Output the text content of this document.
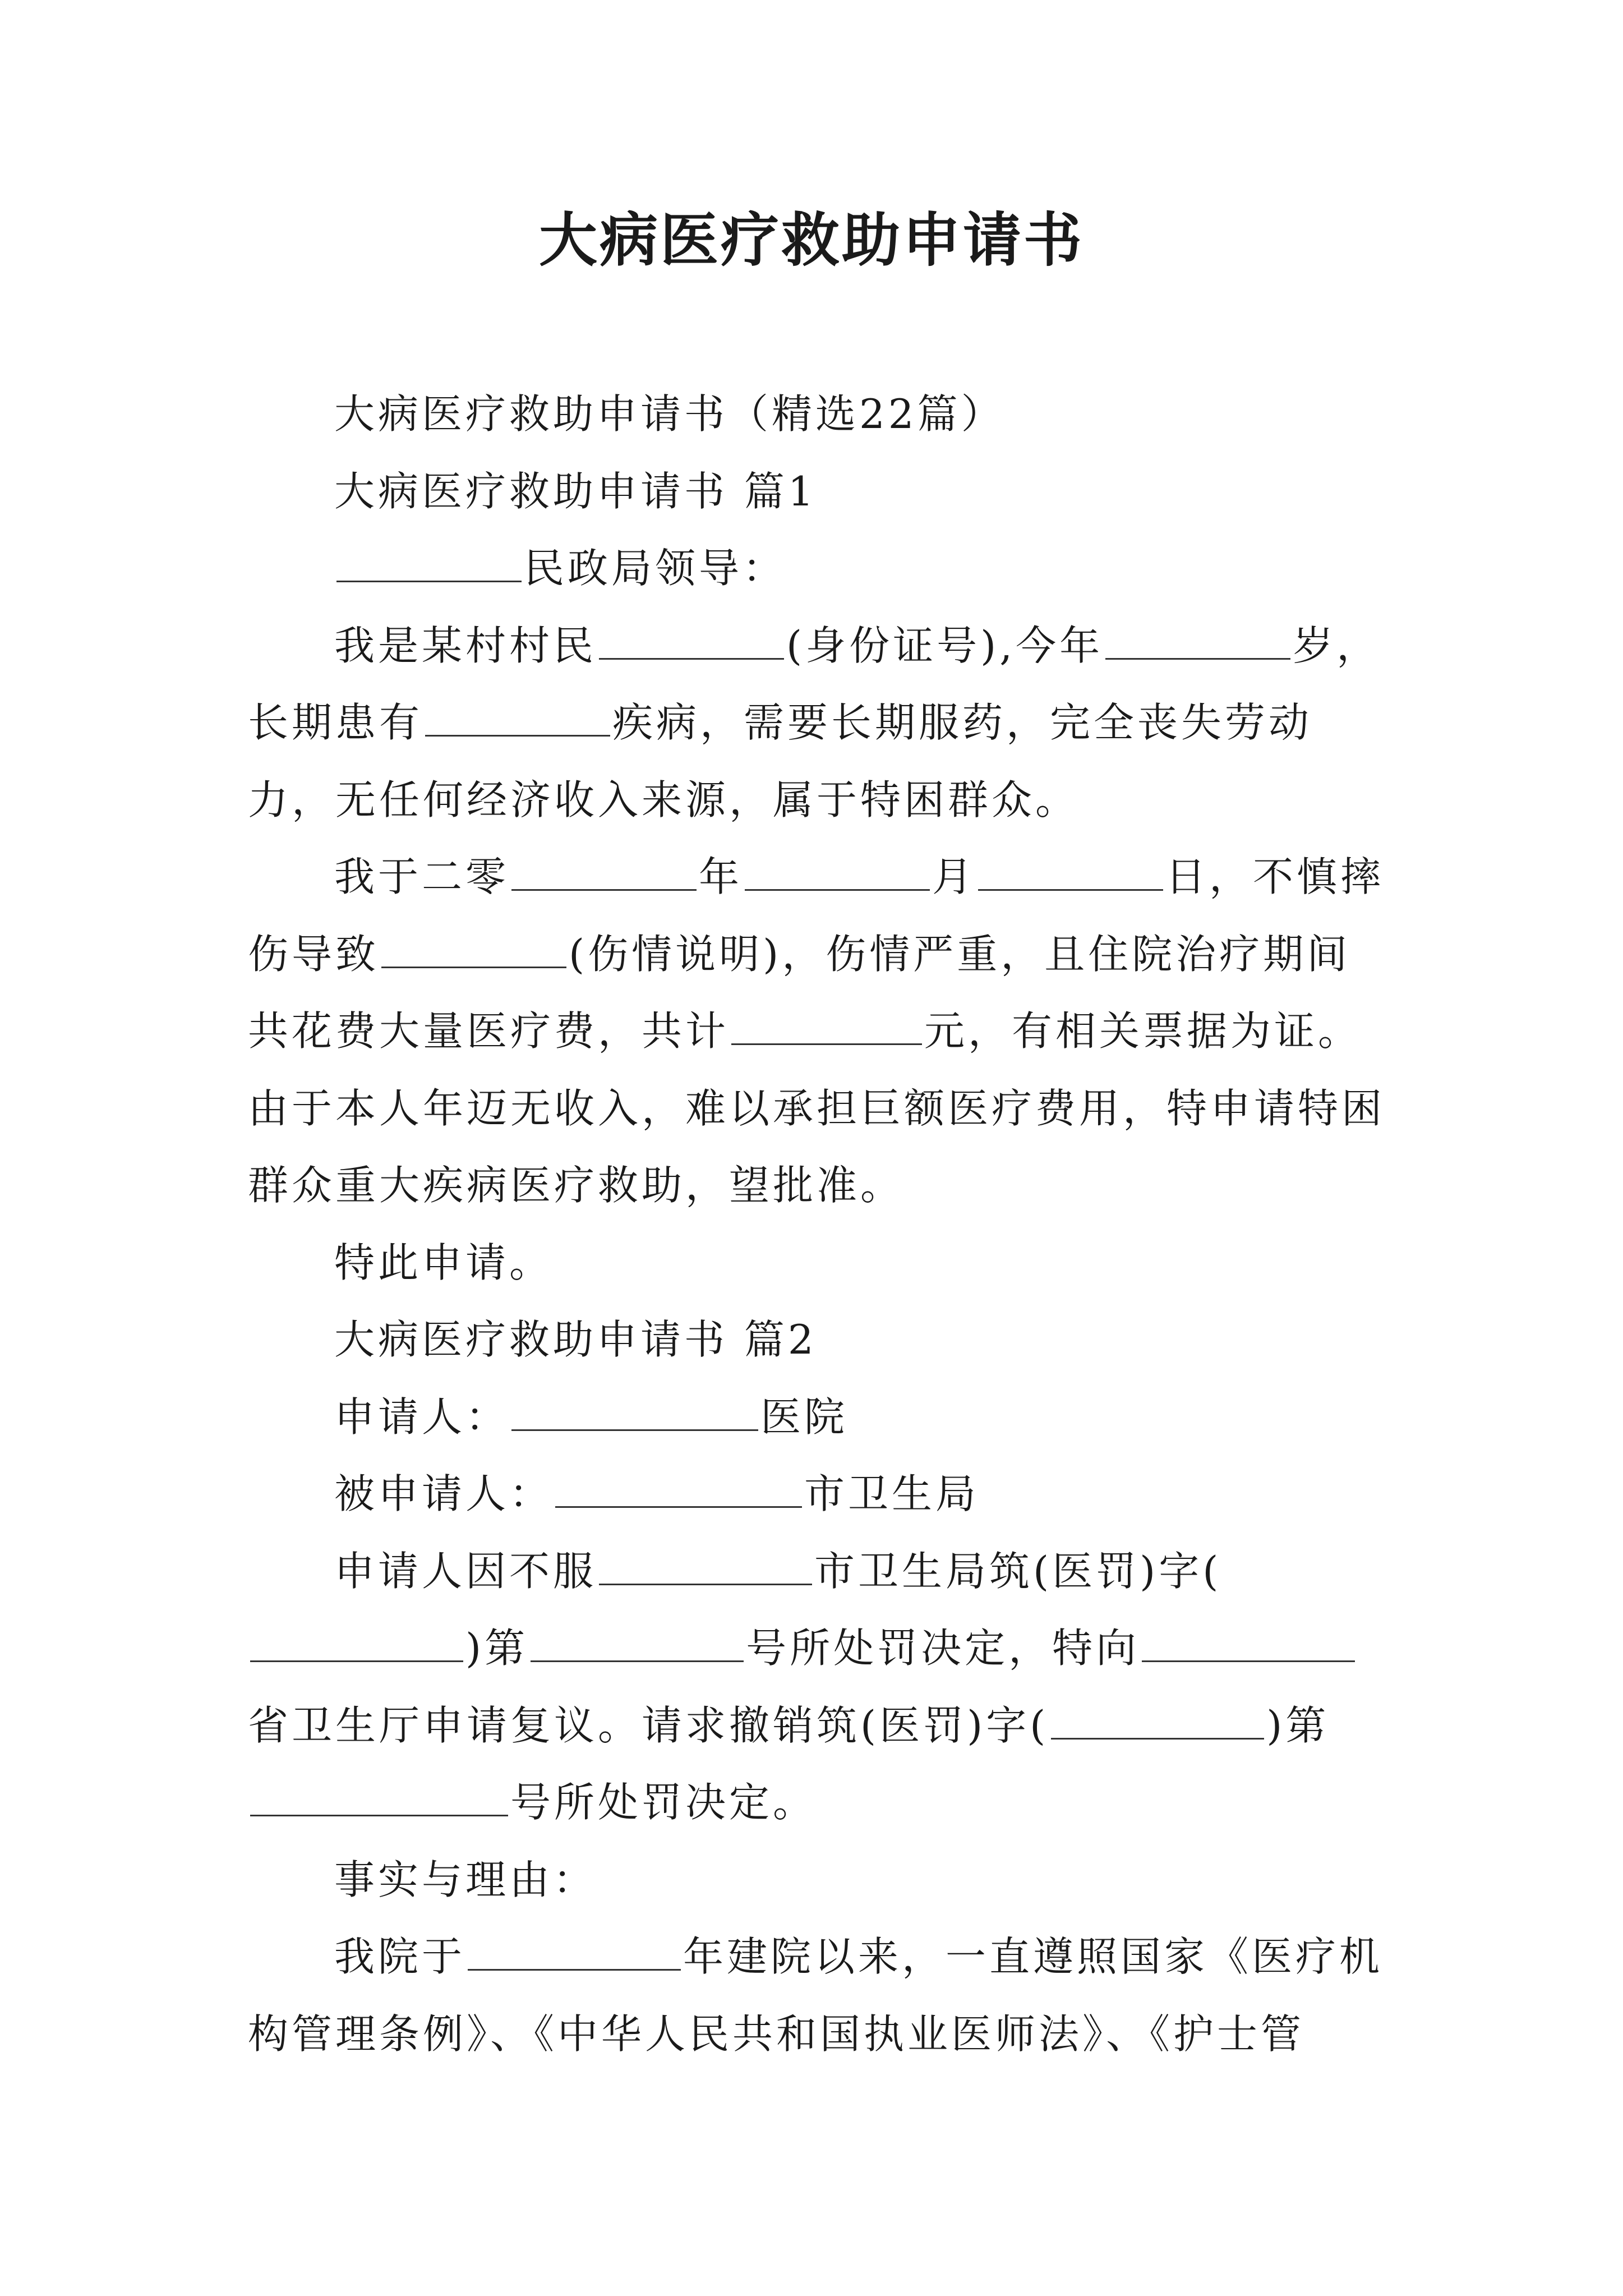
大病医疗救助申请书

大病医疗救助申请书（精选22篇）

大病医疗救助申请书 篇1

民政局领导：

我是某村村民	(身份证号),今年	岁，长期患有	疾病，需要长期服药，完全丧失劳动力，无任何经济收入来源，属于特困群众。

我于二零	年	月	日，不慎摔伤导致	(伤情说明)，伤情严重，且住院治疗期间共花费大量医疗费，共计	元，有相关票据为证。由于本人年迈无收入，难以承担巨额医疗费用，特申请特困群众重大疾病医疗救助，望批准。

特此申请。

大病医疗救助申请书 篇2

申请人：	医院

被申请人：	市卫生局

申请人因不服	市卫生局筑(医罚)字()第	号所处罚决定，特向省卫生厅申请复议。请求撤销筑(医罚)字(	)第号所处罚决定。

事实与理由：

我院于	年建院以来，一直遵照国家《医疗机构管理条例》、《中华人民共和国执业医师法》、《护士管
